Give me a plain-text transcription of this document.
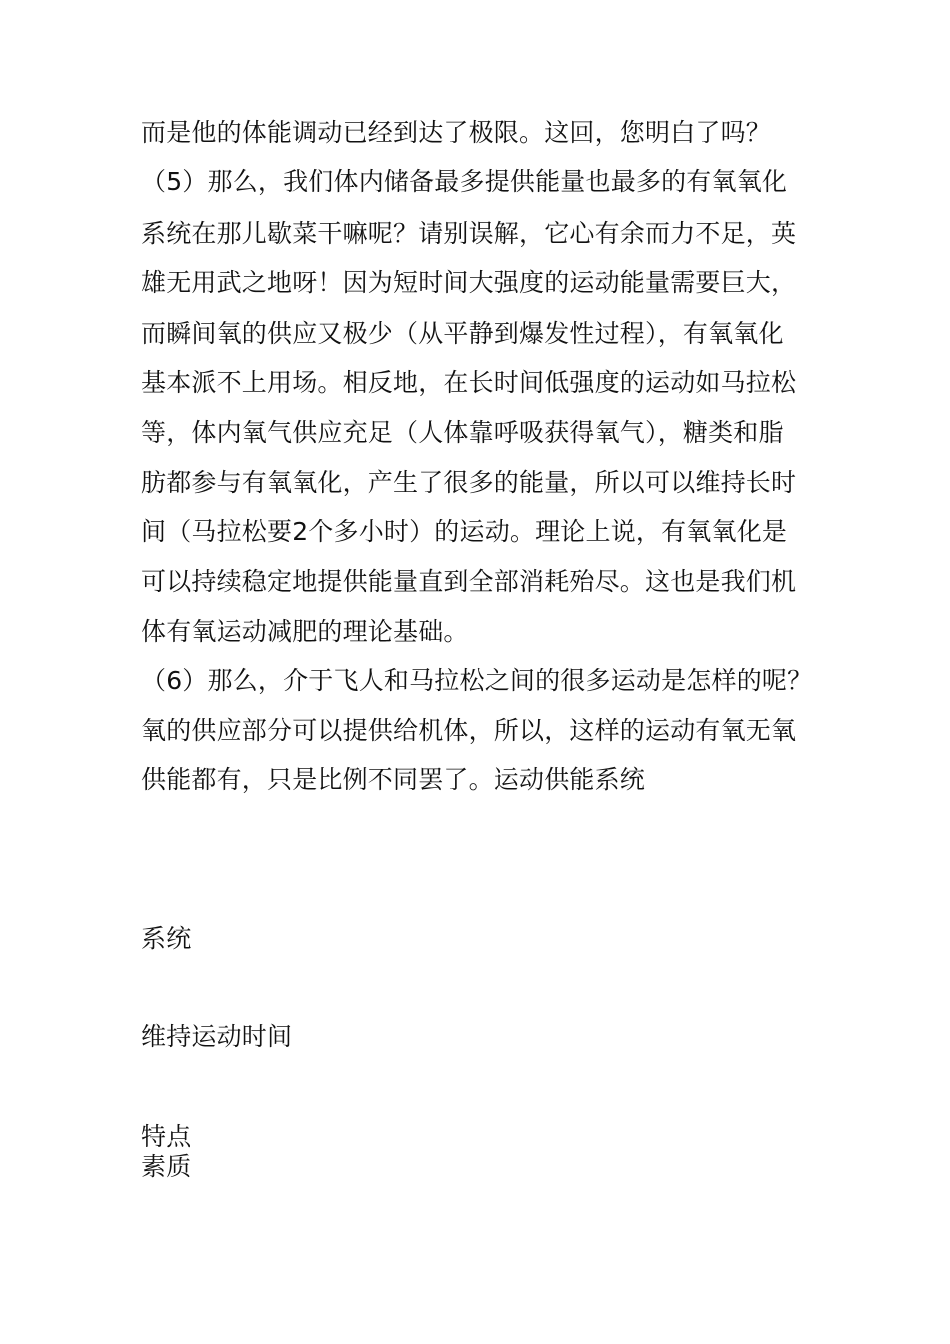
而是他的体能调动已经到达了极限。这回，您明白了吗？
（5）那么，我们体内储备最多提供能量也最多的有氧氧化
系统在那儿歇菜干嘛呢？请别误解，它心有余而力不足，英
雄无用武之地呀！因为短时间大强度的运动能量需要巨大，
而瞬间氧的供应又极少（从平静到爆发性过程），有氧氧化
基本派不上用场。相反地，在长时间低强度的运动如马拉松
等，体内氧气供应充足（人体靠呼吸获得氧气），糖类和脂
肪都参与有氧氧化，产生了很多的能量，所以可以维持长时
间（马拉松要2个多小时）的运动。理论上说，有氧氧化是
可以持续稳定地提供能量直到全部消耗殆尽。这也是我们机
体有氧运动减肥的理论基础。
（6）那么，介于飞人和马拉松之间的很多运动是怎样的呢？
氧的供应部分可以提供给机体，所以，这样的运动有氧无氧
供能都有，只是比例不同罢了。运动供能系统
系统
维持运动时间
特点
素质
